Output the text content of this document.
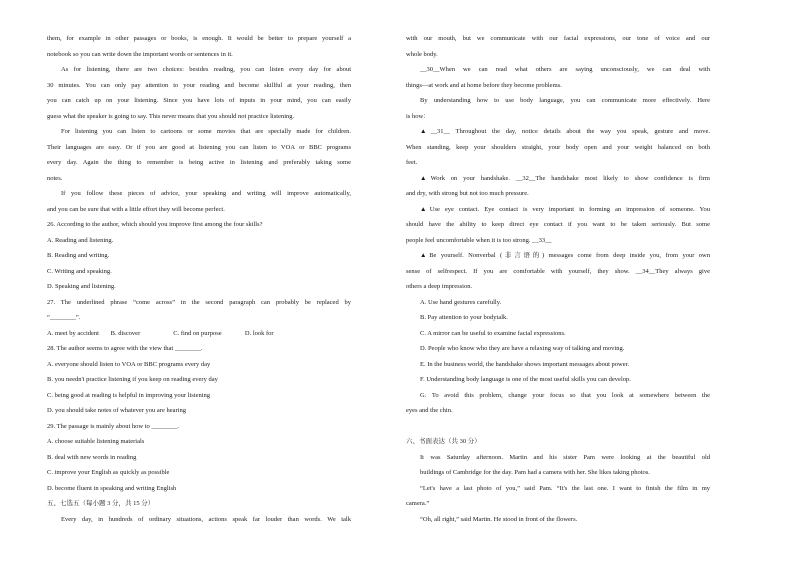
them, for example in other passages or books, is enough. It would be better to prepare yourself a
notebook so you can write down the important words or sentences in it.
As for listening, there are two choices: besides reading, you can listen every day for about
30 minutes. You can only pay attention to your reading and become skillful at your reading, then
you can catch up on your listening. Since you have lots of inputs in your mind, you can easily
guess what the speaker is going to say. This never means that you should not practice listening.
For listening you can listen to cartoons or some movies that are specially made for children.
Their languages are easy. Or if you are good at listening you can listen to VOA or BBC programs
every day. Again the thing to remember is being active in listening and preferably taking some
notes.
If you follow these pieces of advice, your speaking and writing will improve automatically,
and you can be sure that with a little effort they will become perfect.
26. According to the author, which should you improve first among the four skills?
A. Reading and listening.
B. Reading and writing.
C. Writing and speaking.
D. Speaking and listening.
27. The underlined phrase “come across” in the second paragraph can probably be replaced by
“________”.
A. meet by accident B. discover	C. find on purpose	D. look for
28. The author seems to agree with the view that ________.
A. everyone should listen to VOA or BBC programs every day
B. you needn't practice listening if you keep on reading every day
C. being good at reading is helpful in improving your listening
D. you should take notes of whatever you are hearing
29. The passage is mainly about how to ________.
A. choose suitable listening materials
B. deal with new words in reading
C. improve your English as quickly as possible
D. become fluent in speaking and writing English
五、七选五（每小题 3 分，共 15 分）
Every day, in hundreds of ordinary situations, actions speak far louder than words. We talk
with our mouth, but we communicate with our facial expressions, our tone of voice and our
whole body.
__30__When we can read what others are saying unconsciously, we can deal with
things—at work and at home before they become problems.
By understanding how to use body language, you can communicate more effectively. Here
is how：
▲__31__ Throughout the day, notice details about the way you speak, gesture and move.
When standing, keep your shoulders straight, your body open and your weight balanced on both
feet.
▲Work on your handshake. __32__The handshake most likely to show confidence is firm
and dry, with strong but not too much pressure.
▲Use eye contact. Eye contact is very important in forming an impression of someone. You
should have the ability to keep direct eye contact if you want to be taken seriously. But some
people feel uncomfortable when it is too strong. __33__
▲Be yourself. Nonverbal (非言语的) messages come from deep inside you, from your own
sense of selfrespect. If you are comfortable with yourself, they show. __34__They always give
others a deep impression.
A. Use hand gestures carefully.
B. Pay attention to your bodytalk.
C. A mirror can be useful to examine facial expressions.
D. People who know who they are have a relaxing way of talking and moving.
E. In the business world, the handshake shows important messages about power.
F. Understanding body language is one of the most useful skills you can develop.
G. To avoid this problem, change your focus so that you look at somewhere between the
eyes and the chin.
六、书面表达（共 30 分）
It was Saturday afternoon. Martin and his sister Pam were looking at the beautiful old
buildings of Cambridge for the day. Pam had a camera with her. She likes taking photos.
“Let's have a last photo of you,” said Pam. “It's the last one. I want to finish the film in my
camera.”
“Oh, all right,” said Martin. He stood in front of the flowers.
